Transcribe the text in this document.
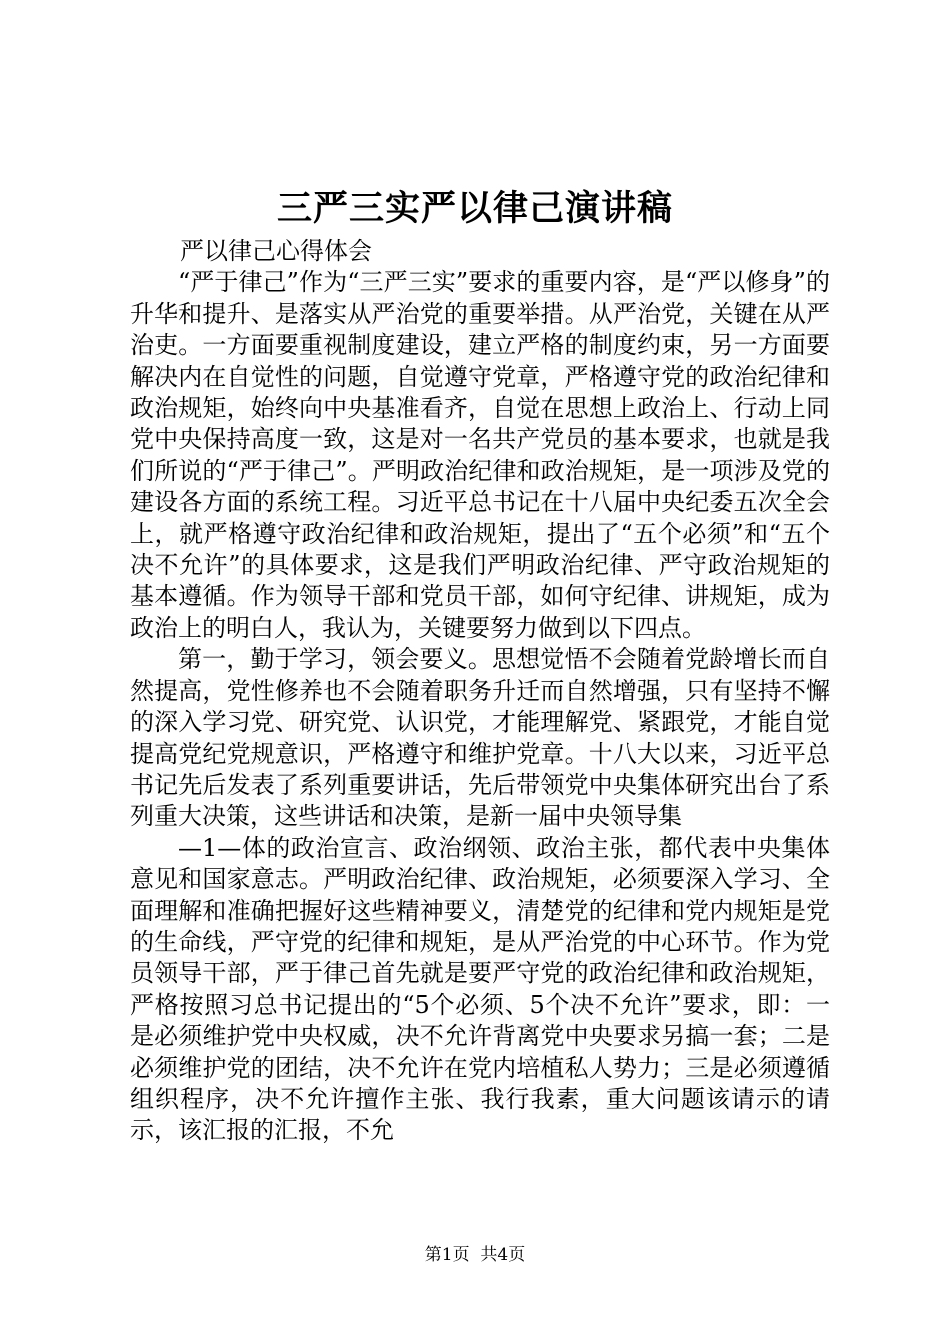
三严三实严以律己演讲稿

严以律己心得体会

“严于律己”作为“三严三实”要求的重要内容，是“严以修身”的升华和提升、是落实从严治党的重要举措。从严治党，关键在从严治吏。一方面要重视制度建设，建立严格的制度约束，另一方面要解决内在自觉性的问题，自觉遵守党章，严格遵守党的政治纪律和政治规矩，始终向中央基准看齐，自觉在思想上政治上、行动上同党中央保持高度一致，这是对一名共产党员的基本要求，也就是我们所说的“严于律己”。严明政治纪律和政治规矩，是一项涉及党的建设各方面的系统工程。习近平总书记在十八届中央纪委五次全会上，就严格遵守政治纪律和政治规矩，提出了“五个必须”和“五个决不允许”的具体要求，这是我们严明政治纪律、严守政治规矩的基本遵循。作为领导干部和党员干部，如何守纪律、讲规矩，成为政治上的明白人，我认为，关键要努力做到以下四点。

第一，勤于学习，领会要义。思想觉悟不会随着党龄增长而自然提高，党性修养也不会随着职务升迁而自然增强，只有坚持不懈的深入学习党、研究党、认识党，才能理解党、紧跟党，才能自觉提高党纪党规意识，严格遵守和维护党章。十八大以来，习近平总书记先后发表了系列重要讲话，先后带领党中央集体研究出台了系列重大决策，这些讲话和决策，是新一届中央领导集

—1—体的政治宣言、政治纲领、政治主张，都代表中央集体意见和国家意志。严明政治纪律、政治规矩，必须要深入学习、全面理解和准确把握好这些精神要义，清楚党的纪律和党内规矩是党的生命线，严守党的纪律和规矩，是从严治党的中心环节。作为党员领导干部，严于律己首先就是要严守党的政治纪律和政治规矩，严格按照习总书记提出的“5个必须、5个决不允许”要求，即：一是必须维护党中央权威，决不允许背离党中央要求另搞一套；二是必须维护党的团结，决不允许在党内培植私人势力；三是必须遵循组织程序，决不允许擅作主张、我行我素，重大问题该请示的请示，该汇报的汇报，不允

第1页 共4页
